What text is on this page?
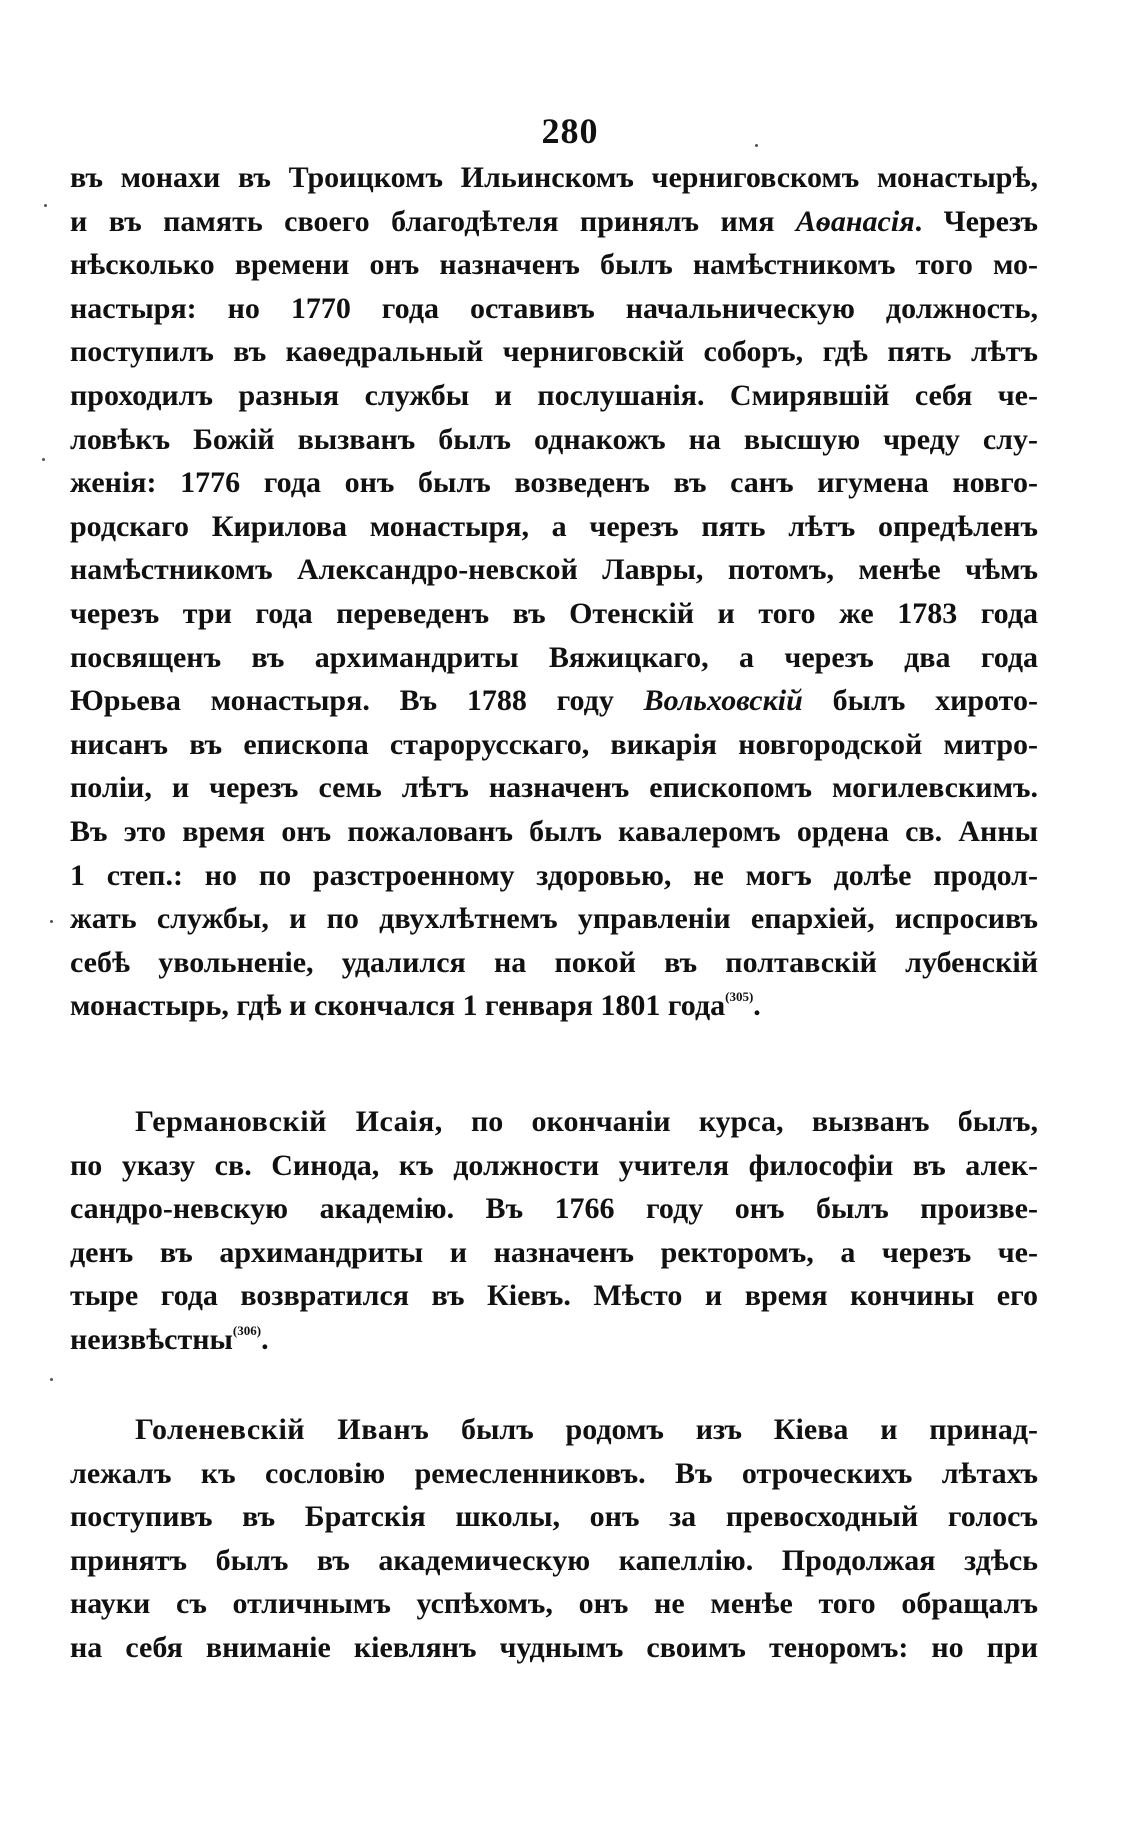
280
въ монахи въ Троицкомъ Ильинскомъ черниговскомъ монастырѣ,
и въ память своего благодѣтеля принялъ имя Аѳанасія. Черезъ
нѣсколько времени онъ назначенъ былъ намѣстникомъ того мо-
настыря: но 1770 года оставивъ начальническую должность,
поступилъ въ каѳедральный черниговскій соборъ, гдѣ пять лѣтъ
проходилъ разныя службы и послушанія. Смирявшій себя че-
ловѣкъ Божій вызванъ былъ однакожъ на высшую чреду слу-
женія: 1776 года онъ былъ возведенъ въ санъ игумена новго-
родскаго Кирилова монастыря, а черезъ пять лѣтъ опредѣленъ
намѣстникомъ Александро-невской Лавры, потомъ, менѣе чѣмъ
черезъ три года переведенъ въ Отенскій и того же 1783 года
посвященъ въ архимандриты Вяжицкаго, а черезъ два года
Юрьева монастыря. Въ 1788 году Вольховскій былъ хирото-
нисанъ въ епископа старорусскаго, викарія новгородской митро-
поліи, и черезъ семь лѣтъ назначенъ епископомъ могилевскимъ.
Въ это время онъ пожалованъ былъ кавалеромъ ордена св. Анны
1 степ.: но по разстроенному здоровью, не могъ долѣе продол-
жать службы, и по двухлѣтнемъ управленіи епархіей, испросивъ
себѣ увольненіе, удалился на покой въ полтавскій лубенскій
монастырь, гдѣ и скончался 1 генваря 1801 года$^{(305)}$.
Германовскій Исаія, по окончаніи курса, вызванъ былъ,
по указу св. Синода, къ должности учителя философіи въ алек-
сандро-невскую академію. Въ 1766 году онъ былъ произве-
денъ въ архимандриты и назначенъ ректоромъ, а черезъ че-
тыре года возвратился въ Кіевъ. Мѣсто и время кончины его
неизвѣстны$^{(306)}$.
Голеневскій Иванъ былъ родомъ изъ Кіева и принад-
лежалъ къ сословію ремесленниковъ. Въ отроческихъ лѣтахъ
поступивъ въ Братскія школы, онъ за превосходный голосъ
принятъ былъ въ академическую капеллію. Продолжая здѣсь
науки съ отличнымъ успѣхомъ, онъ не менѣе того обращалъ
на себя вниманіе кіевлянъ чуднымъ своимъ теноромъ: но при
